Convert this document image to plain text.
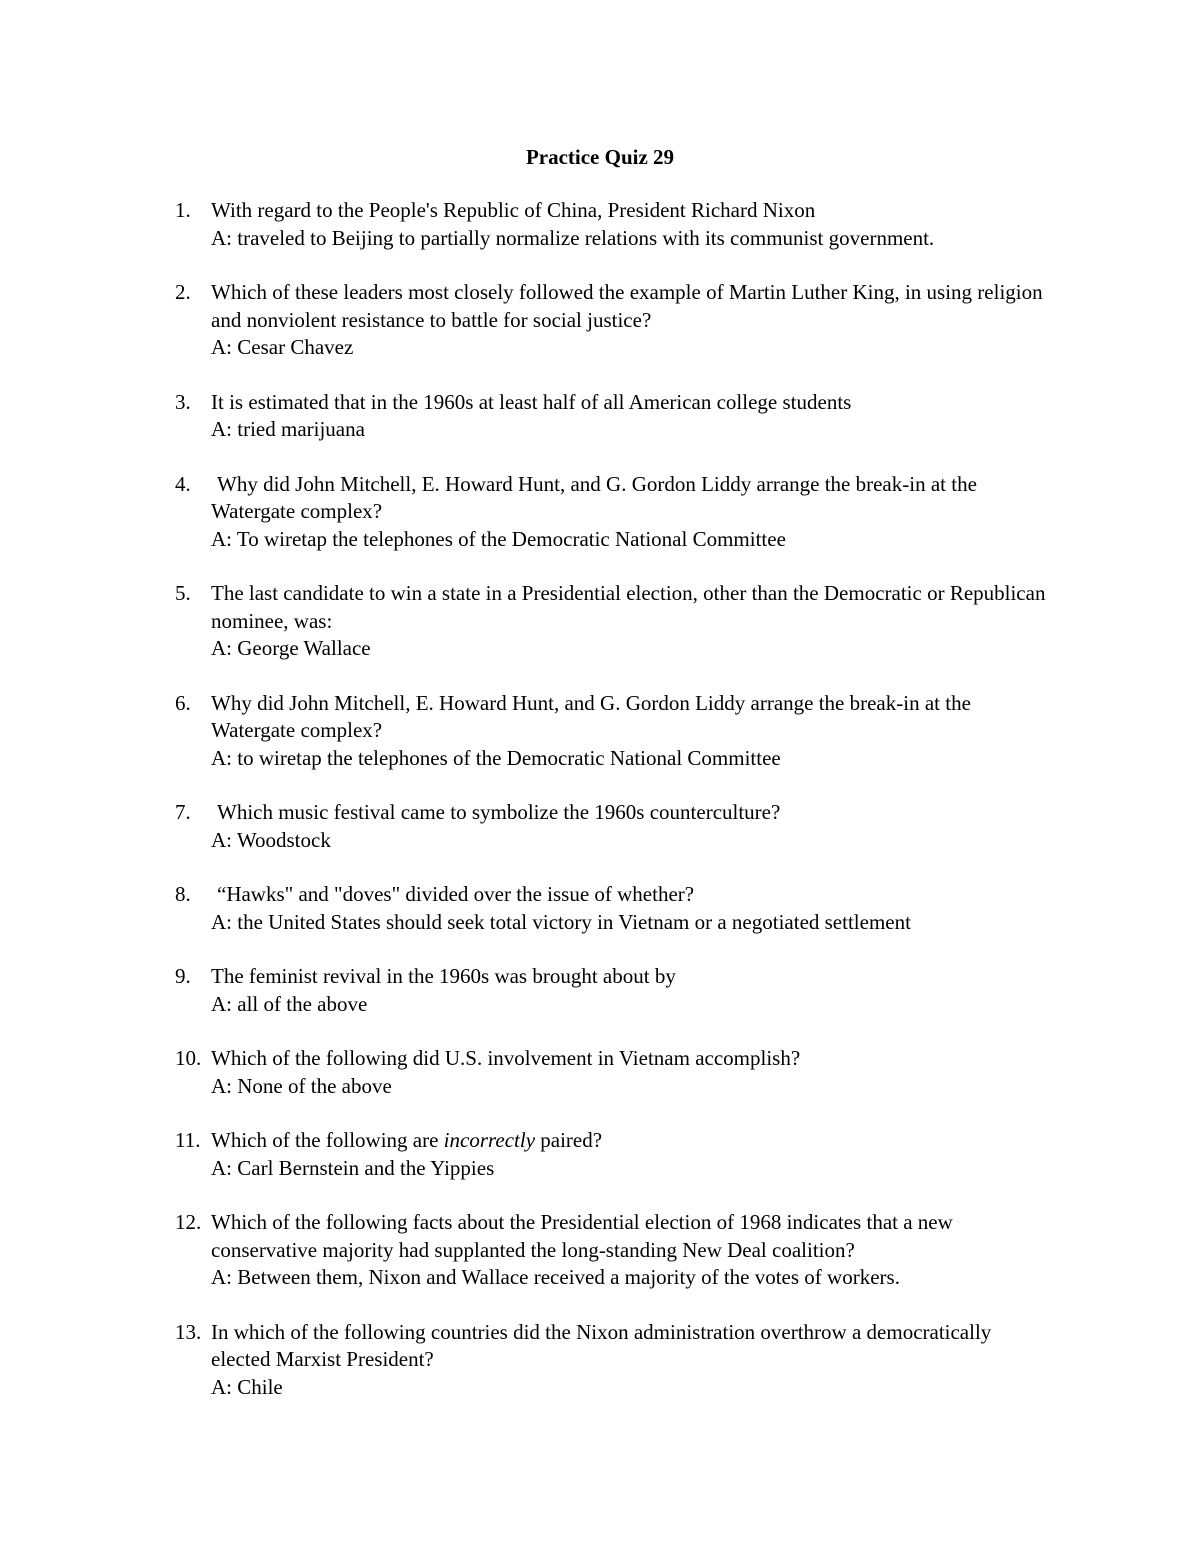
Practice Quiz 29
1. With regard to the People's Republic of China, President Richard Nixon
A: traveled to Beijing to partially normalize relations with its communist government.
2. Which of these leaders most closely followed the example of Martin Luther King, in using religion and nonviolent resistance to battle for social justice?
A: Cesar Chavez
3. It is estimated that in the 1960s at least half of all American college students
A: tried marijuana
4. Why did John Mitchell, E. Howard Hunt, and G. Gordon Liddy arrange the break-in at the Watergate complex?
A: To wiretap the telephones of the Democratic National Committee
5. The last candidate to win a state in a Presidential election, other than the Democratic or Republican nominee, was:
A: George Wallace
6. Why did John Mitchell, E. Howard Hunt, and G. Gordon Liddy arrange the break-in at the Watergate complex?
A: to wiretap the telephones of the Democratic National Committee
7. Which music festival came to symbolize the 1960s counterculture?
A: Woodstock
8. “Hawks" and "doves" divided over the issue of whether?
A: the United States should seek total victory in Vietnam or a negotiated settlement
9. The feminist revival in the 1960s was brought about by
A: all of the above
10. Which of the following did U.S. involvement in Vietnam accomplish?
A: None of the above
11. Which of the following are incorrectly paired?
A: Carl Bernstein and the Yippies
12. Which of the following facts about the Presidential election of 1968 indicates that a new conservative majority had supplanted the long-standing New Deal coalition?
A: Between them, Nixon and Wallace received a majority of the votes of workers.
13. In which of the following countries did the Nixon administration overthrow a democratically elected Marxist President?
A: Chile
